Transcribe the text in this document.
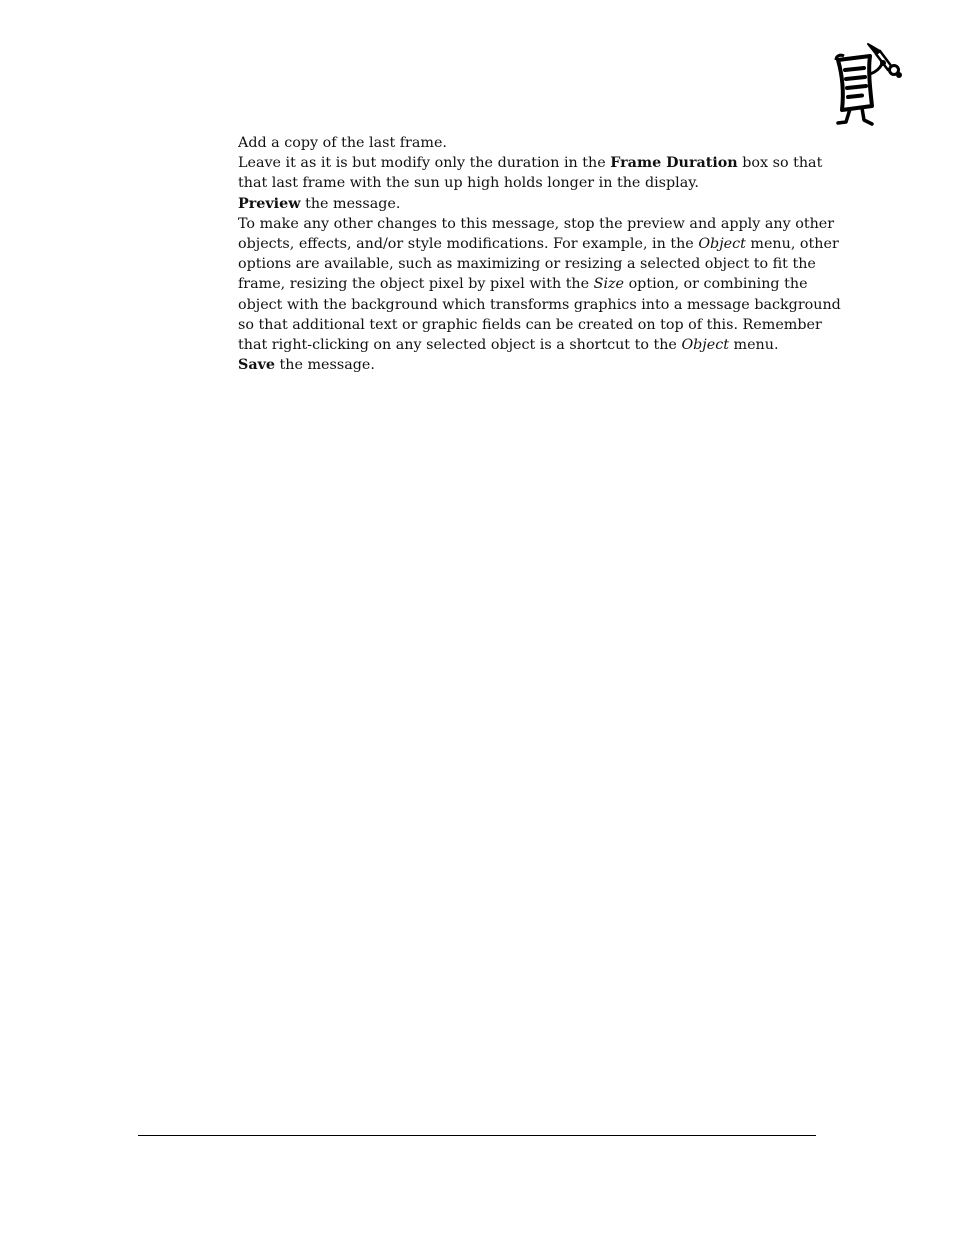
Add a copy of the last frame.

Leave it as it is but modify only the duration in the Frame Duration box so that that last frame with the sun up high holds longer in the display.

Preview the message.

To make any other changes to this message, stop the preview and apply any other objects, effects, and/or style modifications. For example, in the Object menu, other options are available, such as maximizing or resizing a selected object to fit the frame, resizing the object pixel by pixel with the Size option, or combining the object with the background which transforms graphics into a message background so that additional text or graphic fields can be created on top of this. Remember that right-clicking on any selected object is a shortcut to the Object menu.

Save the message.
